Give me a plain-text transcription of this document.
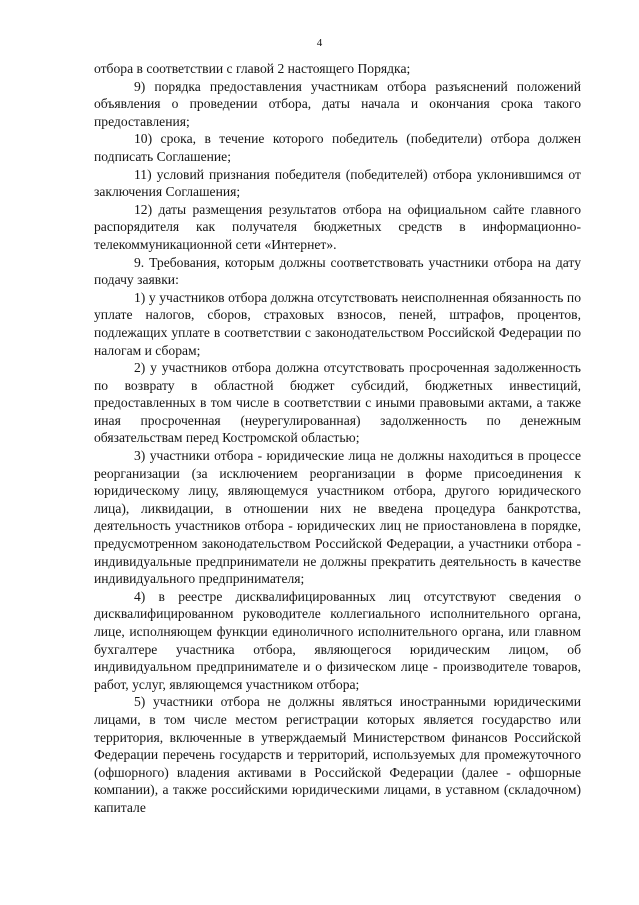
4

отбора в соответствии с главой 2 настоящего Порядка;

9) порядка предоставления участникам отбора разъяснений положений объявления о проведении отбора, даты начала и окончания срока такого предоставления;

10) срока, в течение которого победитель (победители) отбора должен подписать Соглашение;

11) условий признания победителя (победителей) отбора уклонившимся от заключения Соглашения;

12) даты размещения результатов отбора на официальном сайте главного распорядителя как получателя бюджетных средств в информационно-телекоммуникационной сети «Интернет».

9. Требования, которым должны соответствовать участники отбора на дату подачу заявки:

1) у участников отбора должна отсутствовать неисполненная обязанность по уплате налогов, сборов, страховых взносов, пеней, штрафов, процентов, подлежащих уплате в соответствии с законодательством Российской Федерации по налогам и сборам;

2) у участников отбора должна отсутствовать просроченная задолженность по возврату в областной бюджет субсидий, бюджетных инвестиций, предоставленных в том числе в соответствии с иными правовыми актами, а также иная просроченная (неурегулированная) задолженность по денежным обязательствам перед Костромской областью;

3) участники отбора - юридические лица не должны находиться в процессе реорганизации (за исключением реорганизации в форме присоединения к юридическому лицу, являющемуся участником отбора, другого юридического лица), ликвидации, в отношении них не введена процедура банкротства, деятельность участников отбора - юридических лиц не приостановлена в порядке, предусмотренном законодательством Российской Федерации, а участники отбора - индивидуальные предприниматели не должны прекратить деятельность в качестве индивидуального предпринимателя;

4) в реестре дисквалифицированных лиц отсутствуют сведения о дисквалифицированном руководителе коллегиального исполнительного органа, лице, исполняющем функции единоличного исполнительного органа, или главном бухгалтере участника отбора, являющегося юридическим лицом, об индивидуальном предпринимателе и о физическом лице - производителе товаров, работ, услуг, являющемся участником отбора;

5) участники отбора не должны являться иностранными юридическими лицами, в том числе местом регистрации которых является государство или территория, включенные в утверждаемый Министерством финансов Российской Федерации перечень государств и территорий, используемых для промежуточного (офшорного) владения активами в Российской Федерации (далее - офшорные компании), а также российскими юридическими лицами, в уставном (складочном) капитале
